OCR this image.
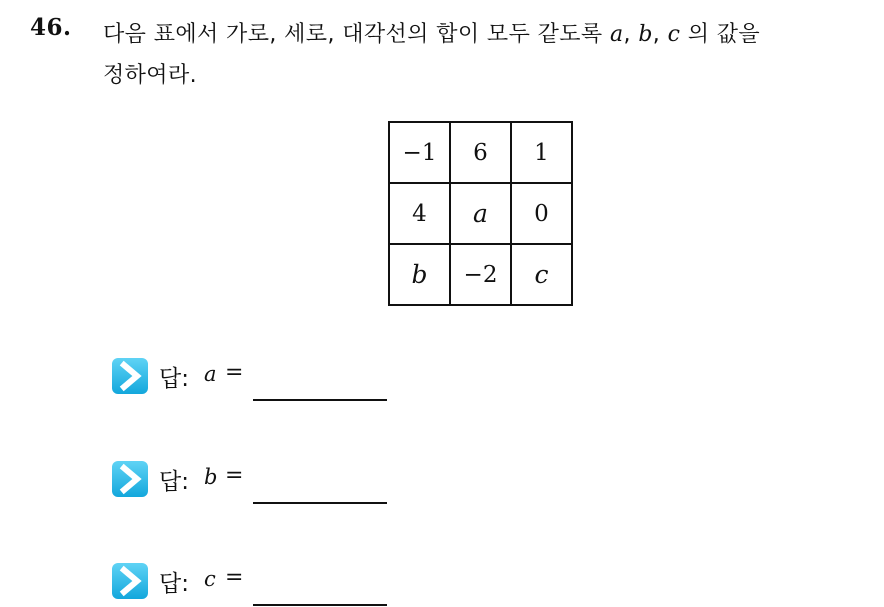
46. 다음 표에서 가로, 세로, 대각선의 합이 모두 같도록 a, b, c 의 값을
정하여라.
−1	6	1
4	a	0
b	−2	c
답: a =
답: b =
답: c =
